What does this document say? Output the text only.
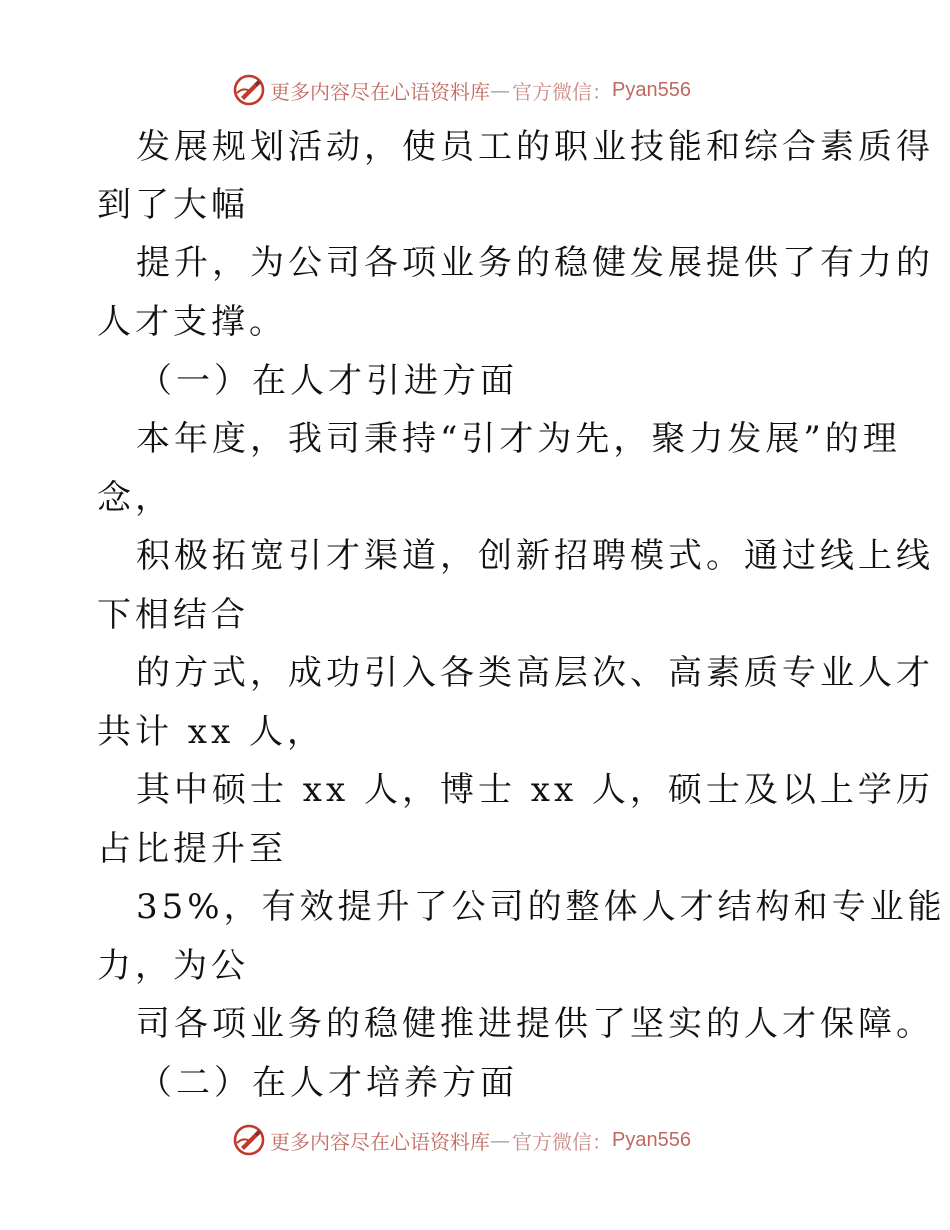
更多内容尽在心语资料库 — 官方微信： Pyan556
发展规划活动，使员工的职业技能和综合素质得
到了大幅
提升，为公司各项业务的稳健发展提供了有力的
人才支撑。
（一）在人才引进方面
本年度，我司秉持“引才为先，聚力发展”的理
念，
积极拓宽引才渠道，创新招聘模式。通过线上线
下相结合
的方式，成功引入各类高层次、高素质专业人才
共计 xx 人，
其中硕士 xx 人，博士 xx 人，硕士及以上学历
占比提升至
35%，有效提升了公司的整体人才结构和专业能
力，为公
司各项业务的稳健推进提供了坚实的人才保障。
（二）在人才培养方面
更多内容尽在心语资料库 — 官方微信： Pyan556
